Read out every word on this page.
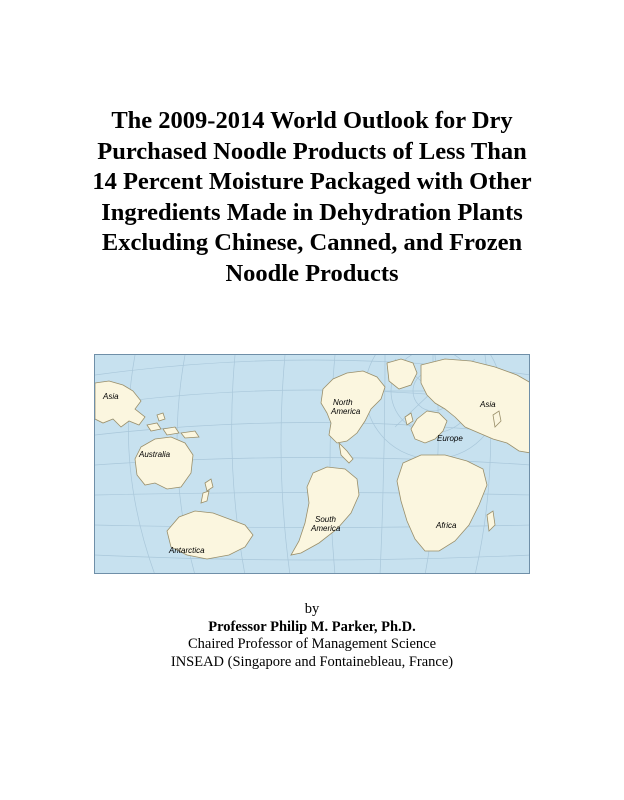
The 2009-2014 World Outlook for Dry
Purchased Noodle Products of Less Than
14 Percent Moisture Packaged with Other
Ingredients Made in Dehydration Plants
Excluding Chinese, Canned, and Frozen
Noodle Products
Asia
Australia
Antarctica
North
America
Asia
Europe
South
America	Africa
by
Professor Philip M. Parker, Ph.D.
Chaired Professor of Management Science
INSEAD (Singapore and Fontainebleau, France)
